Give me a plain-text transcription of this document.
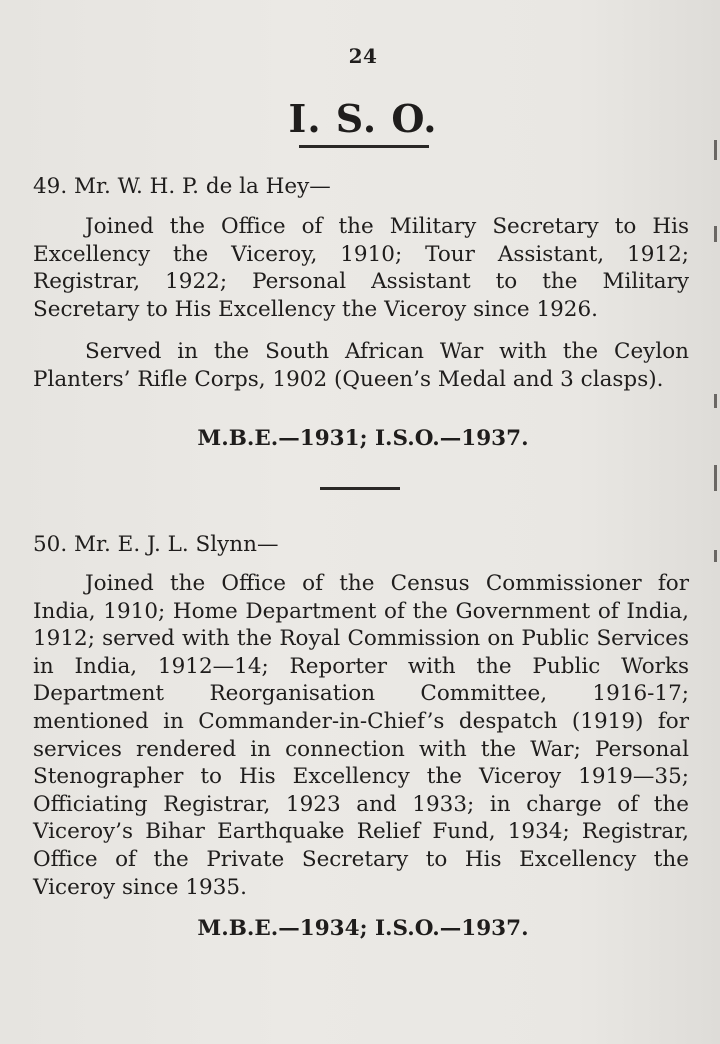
24
I. S. O.
49. Mr. W. H. P. de la Hey—
Joined the Office of the Military Secretary to His Excellency the Viceroy, 1910; Tour Assistant, 1912; Registrar, 1922; Personal Assistant to the Military Secretary to His Excellency the Viceroy since 1926.
Served in the South African War with the Ceylon Planters’ Rifle Corps, 1902 (Queen’s Medal and 3 clasps).
M.B.E.—1931; I.S.O.—1937.
50. Mr. E. J. L. Slynn—
Joined the Office of the Census Commissioner for India, 1910; Home Department of the Government of India, 1912; served with the Royal Commission on Public Services in India, 1912—14; Reporter with the Public Works Department Reorganisation Committee, 1916-17; mentioned in Commander-in-Chief’s despatch (1919) for services rendered in connection with the War; Personal Stenographer to His Excellency the Viceroy 1919—35; Officiating Registrar, 1923 and 1933; in charge of the Viceroy’s Bihar Earthquake Relief Fund, 1934; Registrar, Office of the Private Secretary to His Excellency the Viceroy since 1935.
M.B.E.—1934; I.S.O.—1937.
